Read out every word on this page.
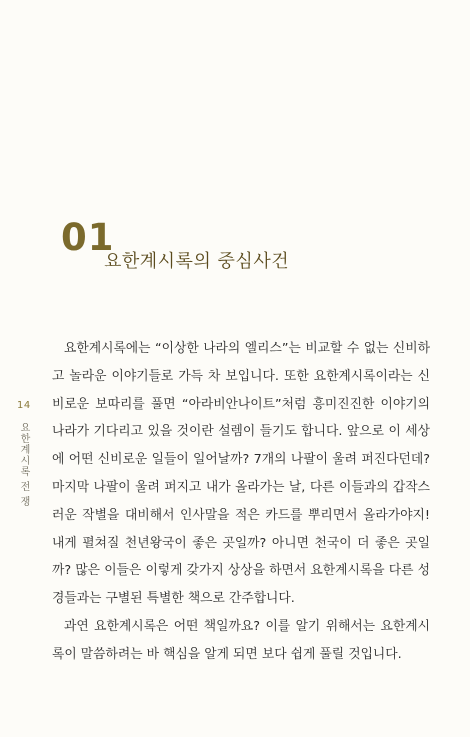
01
요한계시록의 중심사건
14
요한계시록 전 쟁

요한계시록에는 “이상한 나라의 엘리스”는 비교할 수 없는 신비하고 놀라운 이야기들로 가득 차 보입니다. 또한 요한계시록이라는 신비로운 보따리를 풀면 “아라비안나이트”처럼 흥미진진한 이야기의 나라가 기다리고 있을 것이란 설렘이 들기도 합니다. 앞으로 이 세상에 어떤 신비로운 일들이 일어날까? 7개의 나팔이 울려 퍼진다던데? 마지막 나팔이 울려 퍼지고 내가 올라가는 날, 다른 이들과의 갑작스러운 작별을 대비해서 인사말을 적은 카드를 뿌리면서 올라가야지! 내게 펼쳐질 천년왕국이 좋은 곳일까? 아니면 천국이 더 좋은 곳일까? 많은 이들은 이렇게 갖가지 상상을 하면서 요한계시록을 다른 성경들과는 구별된 특별한 책으로 간주합니다.

과연 요한계시록은 어떤 책일까요? 이를 알기 위해서는 요한계시록이 말씀하려는 바 핵심을 알게 되면 보다 쉽게 풀릴 것입니다.
